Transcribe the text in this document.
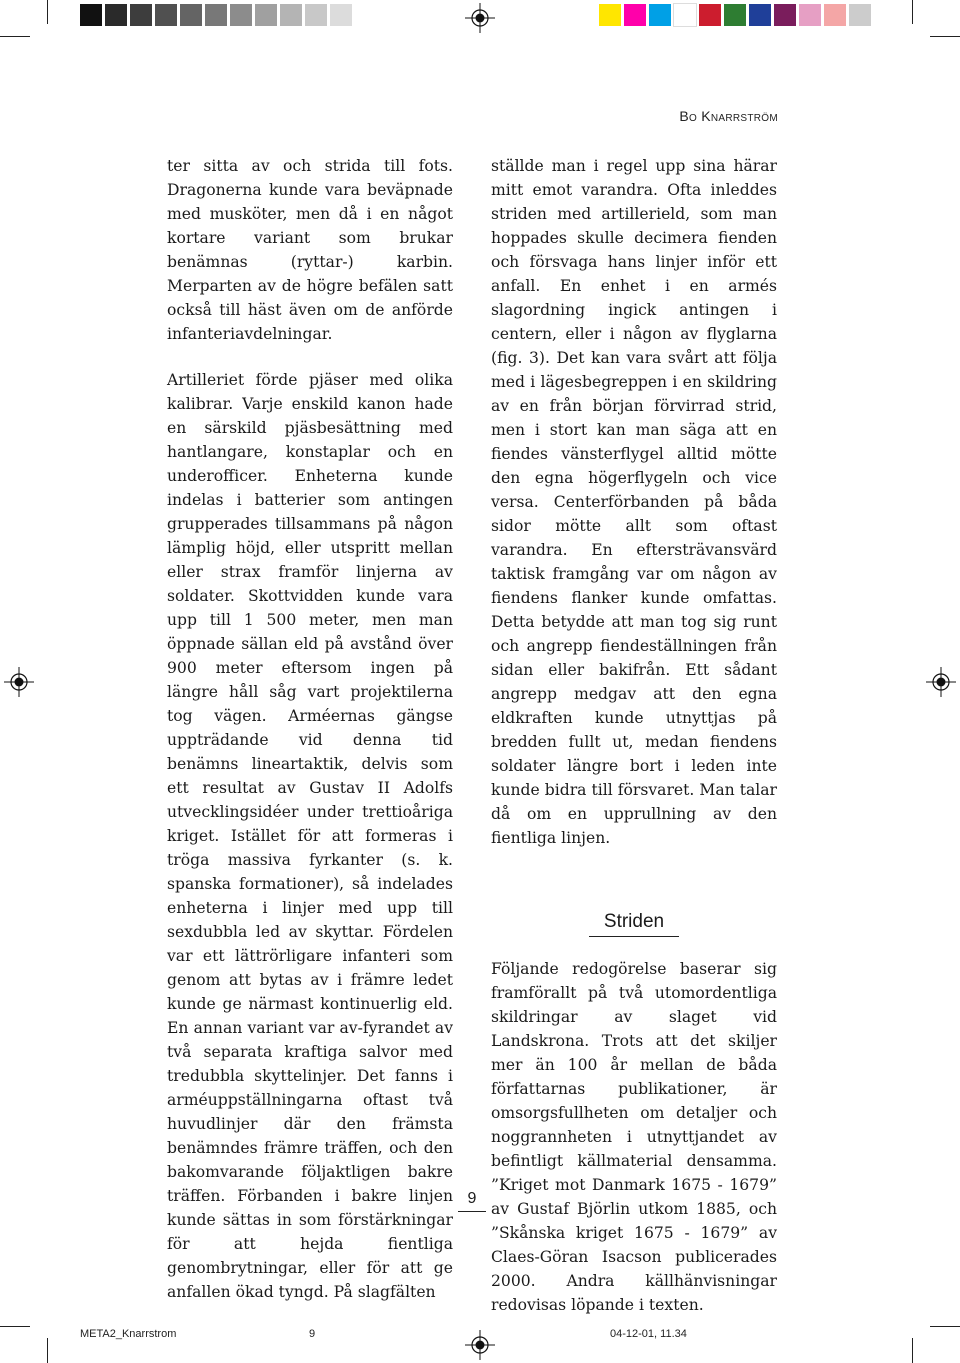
Bo Knarrström

ter sitta av och strida till fots. Dragonerna kunde vara beväpnade med musköter, men då i en något kortare variant som brukar benämnas (ryttar-) karbin. Merparten av de högre befälen satt också till häst även om de anförde infanteriavdelningar.

Artilleriet förde pjäser med olika kalibrar. Varje enskild kanon hade en särskild pjäsbesättning med hantlangare, konstaplar och en underofficer. Enheterna kunde indelas i batterier som antingen grupperades tillsammans på någon lämplig höjd, eller utspritt mellan eller strax framför linjerna av soldater. Skottvidden kunde vara upp till 1 500 meter, men man öppnade sällan eld på avstånd över 900 meter eftersom ingen på längre håll såg vart projektilerna tog vägen. Arméernas gängse uppträdande vid denna tid benämns lineartaktik, delvis som ett resultat av Gustav II Adolfs utvecklingsidéer under trettioåriga kriget. Istället för att formeras i tröga massiva fyrkanter (s. k. spanska formationer), så indelades enheterna i linjer med upp till sexdubbla led av skyttar. Fördelen var ett lättrörligare infanteri som genom att bytas av i främre ledet kunde ge närmast kontinuerlig eld. En annan variant var av-fyrandet av två separata kraftiga salvor med tredubbla skyttelinjer. Det fanns i arméuppställningarna oftast två huvudlinjer där den främsta benämndes främre träffen, och den bakomvarande följaktligen bakre träffen. Förbanden i bakre linjen kunde sättas in som förstärkningar för att hejda fientliga genombrytningar, eller för att ge anfallen ökad tyngd. På slagfälten

ställde man i regel upp sina härar mitt emot varandra. Ofta inleddes striden med artillerield, som man hoppades skulle decimera fienden och försvaga hans linjer inför ett anfall. En enhet i en armés slagordning ingick antingen i centern, eller i någon av flyglarna (fig. 3). Det kan vara svårt att följa med i lägesbegreppen i en skildring av en från början förvirrad strid, men i stort kan man säga att en fiendes vänsterflygel alltid mötte den egna högerflygeln och vice versa. Centerförbanden på båda sidor mötte allt som oftast varandra. En eftersträvansvärd taktisk framgång var om någon av fiendens flanker kunde omfattas. Detta betydde att man tog sig runt och angrepp fiendeställningen från sidan eller bakifrån. Ett sådant angrepp medgav att den egna eldkraften kunde utnyttjas på bredden fullt ut, medan fiendens soldater längre bort i leden inte kunde bidra till försvaret. Man talar då om en upprullning av den fientliga linjen.

Striden

Följande redogörelse baserar sig framförallt på två utomordentliga skildringar av slaget vid Landskrona. Trots att det skiljer mer än 100 år mellan de båda författarnas publikationer, är omsorgsfullheten om detaljer och noggrannheten i utnyttjandet av befintligt källmaterial densamma. ”Kriget mot Danmark 1675 - 1679” av Gustaf Björlin utkom 1885, och ”Skånska kriget 1675 - 1679” av Claes-Göran Isacson publicerades 2000. Andra källhänvisningar redovisas löpande i texten.

9
META2_Knarrstrom	9	04-12-01, 11.34
